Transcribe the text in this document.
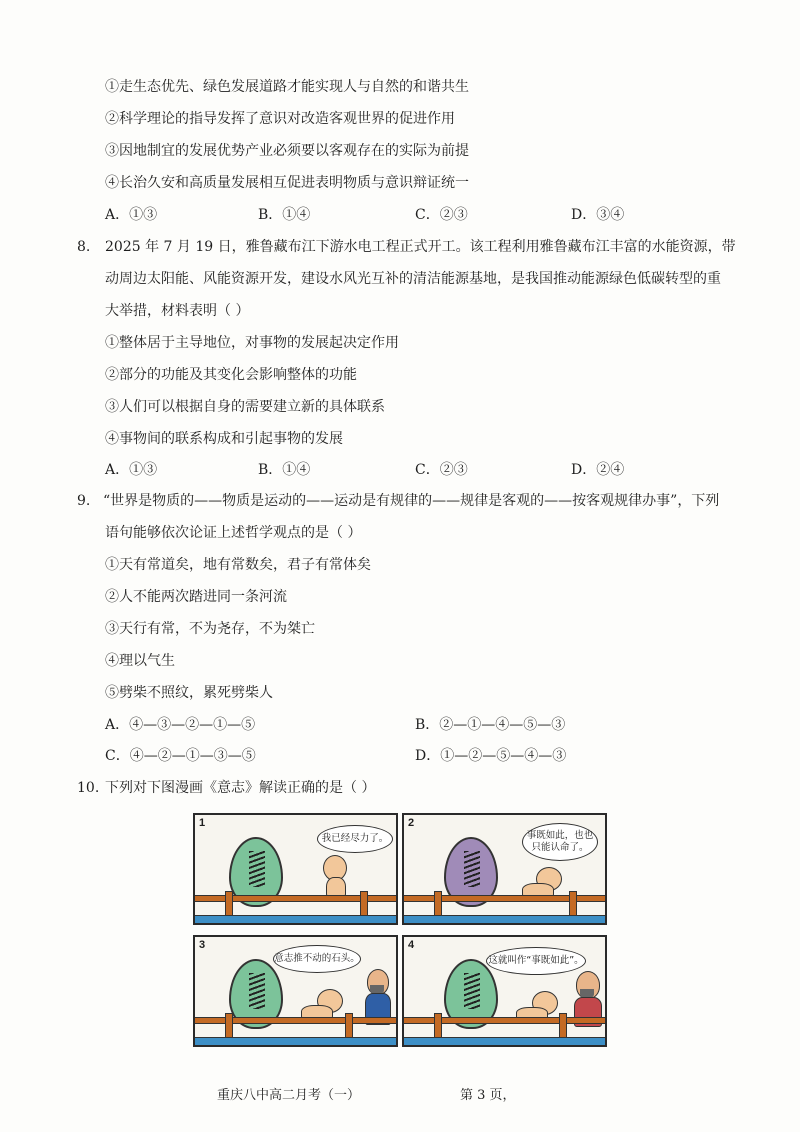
①走生态优先、绿色发展道路才能实现人与自然的和谐共生
②科学理论的指导发挥了意识对改造客观世界的促进作用
③因地制宜的发展优势产业必须要以客观存在的实际为前提
④长治久安和高质量发展相互促进表明物质与意识辩证统一
A．①③	B．①④	C．②③	D．③④
8. 2025 年 7 月 19 日，雅鲁藏布江下游水电工程正式开工。该工程利用雅鲁藏布江丰富的水能资源，带
动周边太阳能、风能资源开发，建设水风光互补的清洁能源基地，是我国推动能源绿色低碳转型的重
大举措，材料表明（ ）
①整体居于主导地位，对事物的发展起决定作用
②部分的功能及其变化会影响整体的功能
③人们可以根据自身的需要建立新的具体联系
④事物间的联系构成和引起事物的发展
A．①③	B．①④	C．②③	D．②④
9. “世界是物质的——物质是运动的——运动是有规律的——规律是客观的——按客观规律办事”，下列
语句能够依次论证上述哲学观点的是（ ）
①天有常道矣，地有常数矣，君子有常体矣
②人不能两次踏进同一条河流
③天行有常，不为尧存，不为桀亡
④理以气生
⑤劈柴不照纹，累死劈柴人
A．④—③—②—①—⑤	B．②—①—④—⑤—③
C．④—②—①—③—⑤	D．①—②—⑤—④—③
10. 下列对下图漫画《意志》解读正确的是（ ）
1
我已经尽力了。
2
事既如此，也也只能认命了。
3
意志推不动的石头。
4
这就叫作“事既如此”。
重庆八中高二月考（一）	第 3 页，
